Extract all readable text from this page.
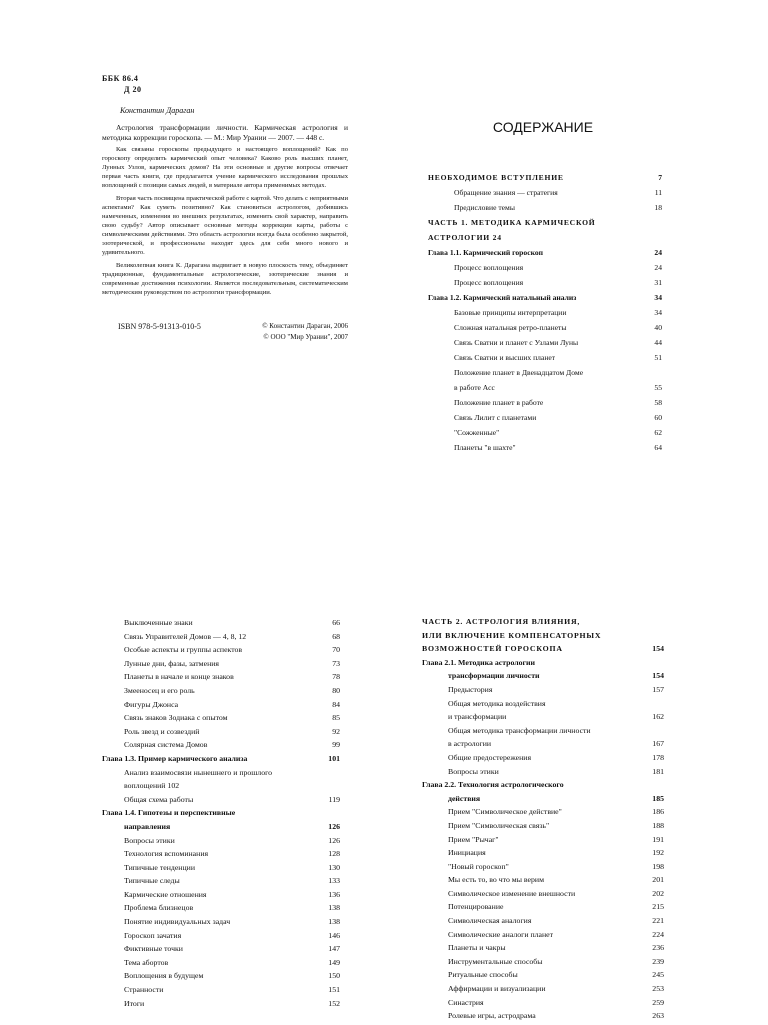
ББК 86.4
Д 20
Константин Дараган
Астрология трансформации личности. Кармическая астрология и методика коррекции гороскопа. — М.: Мир Урании — 2007. — 448 с.

Как связаны гороскопы предыдущего и настоящего воплощений? Как по гороскопу определить кармический опыт человека? Каково роль высших планет, Лунных Узлов, кармических домов? На эти основные и другие вопросы отвечает первая часть книги, где предлагается учение кармического исследования прошлых воплощений с позиции самых людей, в материале автора применимых методах.

Вторая часть посвящена практической работе с картой. Что делать с неприятными аспектами? Как суметь позитивно? Как становиться астрологом, добившись намеченных, изменения во внешних результатах, изменить свой характер, направить свою судьбу? Автор описывает основные методы коррекции карты, работы с символическими действиями. Это область астрологии всегда была особенно закрытой, эзотерической, и профессионалы находят здесь для себя много нового и удивительного.

Великолепная книга К. Дарагана выдвигает в новую плоскость тему, объединяет традиционные, фундаментальные астрологические, эзотерические знания и современные достижения психологии. Является последовательным, систематическим методическим руководством по астрологии трансформации.

ISBN 978-5-91313-010-5	© Константин Дараган, 2006
© ООО "Мир Урании", 2007
СОДЕРЖАНИЕ
НЕОБХОДИМОЕ ВСТУПЛЕНИЕ	7
Обращение знания — стратегия	11
Предисловие темы	18
ЧАСТЬ 1. МЕТОДИКА КАРМИЧЕСКОЙ
АСТРОЛОГИИ 24
Глава 1.1. Кармический гороскоп	24
Процесс воплощения	24
Процесс воплощения	31
Глава 1.2. Кармический натальный анализ	34
Базовые принципы интерпретации	34
Сложная натальная ретро-планеты	40
Связь Сватни и планет с Узлами Луны	44
Связь Сватни и высших планет	51
Положение планет в Двенадцатом Доме
в работе Асс	55
Положение планет в работе	58
Связь Лилит с планетами	60
"Сожженные"	62
Планеты "в шахте"	64
Выключенные знаки	66
Связь Управителей Домов — 4, 8, 12	68
Особые аспекты и группы аспектов	70
Лунные дни, фазы, затмения	73
Планеты в начале и конце знаков	78
Змееносец и его роль	80
Фигуры Джонса	84
Связь знаков Зодиака с опытом	85
Роль звезд и созвездий	92
Солярная система Домов	99
Глава 1.3. Пример кармического анализа	101
Анализ взаимосвязи нынешнего и прошлого
воплощений 102
Общая схема работы	119
Глава 1.4. Гипотезы и перспективные
направления	126
Вопросы этики	126
Технология вспоминания	128
Типичные тенденции	130
Типичные следы	133
Кармические отношения	136
Проблема близнецов	138
Понятие индивидуальных задач	138
Гороскоп зачатия	146
Фиктивные точки	147
Тема абортов	149
Воплощения в будущем	150
Странности	151
Итоги	152
ЧАСТЬ 2. АСТРОЛОГИЯ ВЛИЯНИЯ,
ИЛИ ВКЛЮЧЕНИЕ КОМПЕНСАТОРНЫХ
ВОЗМОЖНОСТЕЙ ГОРОСКОПА	154
Глава 2.1. Методика астрологии
трансформации личности	154
Предыстория	157
Общая методика воздействия
и трансформации	162
Общая методика трансформации личности
в астрологии	167
Общие предостережения	178
Вопросы этики	181
Глава 2.2. Технология астрологического
действия	185
Прием "Символическое действие"	186
Прием "Символическая связь"	188
Прием "Рычаг"	191
Инициация	192
"Новый гороскоп"	198
Мы есть то, во что мы верим	201
Символическое изменение внешности	202
Потенцирование	215
Символическая аналогия	221
Символические аналоги планет	224
Планеты и чакры	236
Инструментальные способы	239
Ритуальные способы	245
Аффирмации и визуализации	253
Синастрия	259
Ролевые игры, астродрама	263
